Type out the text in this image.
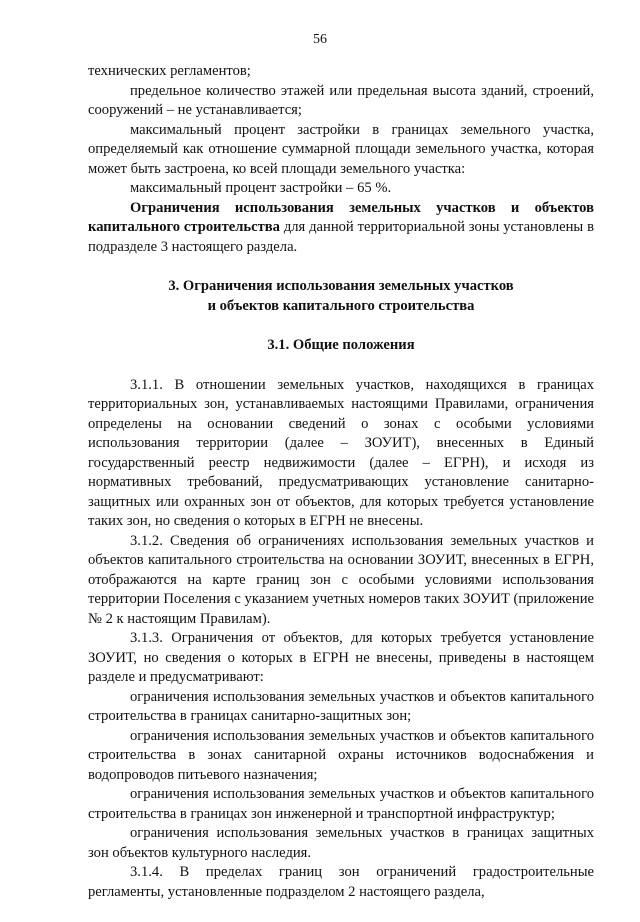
56

технических регламентов;

предельное количество этажей или предельная высота зданий, строений, сооружений – не устанавливается;

максимальный процент застройки в границах земельного участка, определяемый как отношение суммарной площади земельного участка, которая может быть застроена, ко всей площади земельного участка:

максимальный процент застройки – 65 %.

Ограничения использования земельных участков и объектов капитального строительства для данной территориальной зоны установлены в подразделе 3 настоящего раздела.

3. Ограничения использования земельных участков

и объектов капитального строительства

3.1. Общие положения

3.1.1. В отношении земельных участков, находящихся в границах территориальных зон, устанавливаемых настоящими Правилами, ограничения определены на основании сведений о зонах с особыми условиями использования территории (далее – ЗОУИТ), внесенных в Единый государственный реестр недвижимости (далее – ЕГРН), и исходя из нормативных требований, предусматривающих установление санитарно-защитных или охранных зон от объектов, для которых требуется установление таких зон, но сведения о которых в ЕГРН не внесены.

3.1.2. Сведения об ограничениях использования земельных участков и объектов капитального строительства на основании ЗОУИТ, внесенных в ЕГРН, отображаются на карте границ зон с особыми условиями использования территории Поселения с указанием учетных номеров таких ЗОУИТ (приложение № 2 к настоящим Правилам).

3.1.3. Ограничения от объектов, для которых требуется установление ЗОУИТ, но сведения о которых в ЕГРН не внесены, приведены в настоящем разделе и предусматривают:

ограничения использования земельных участков и объектов капитального строительства в границах санитарно-защитных зон;

ограничения использования земельных участков и объектов капитального строительства в зонах санитарной охраны источников водоснабжения и водопроводов питьевого назначения;

ограничения использования земельных участков и объектов капитального строительства в границах зон инженерной и транспортной инфраструктур;

ограничения использования земельных участков в границах защитных зон объектов культурного наследия.

3.1.4. В пределах границ зон ограничений градостроительные регламенты, установленные подразделом 2 настоящего раздела,
